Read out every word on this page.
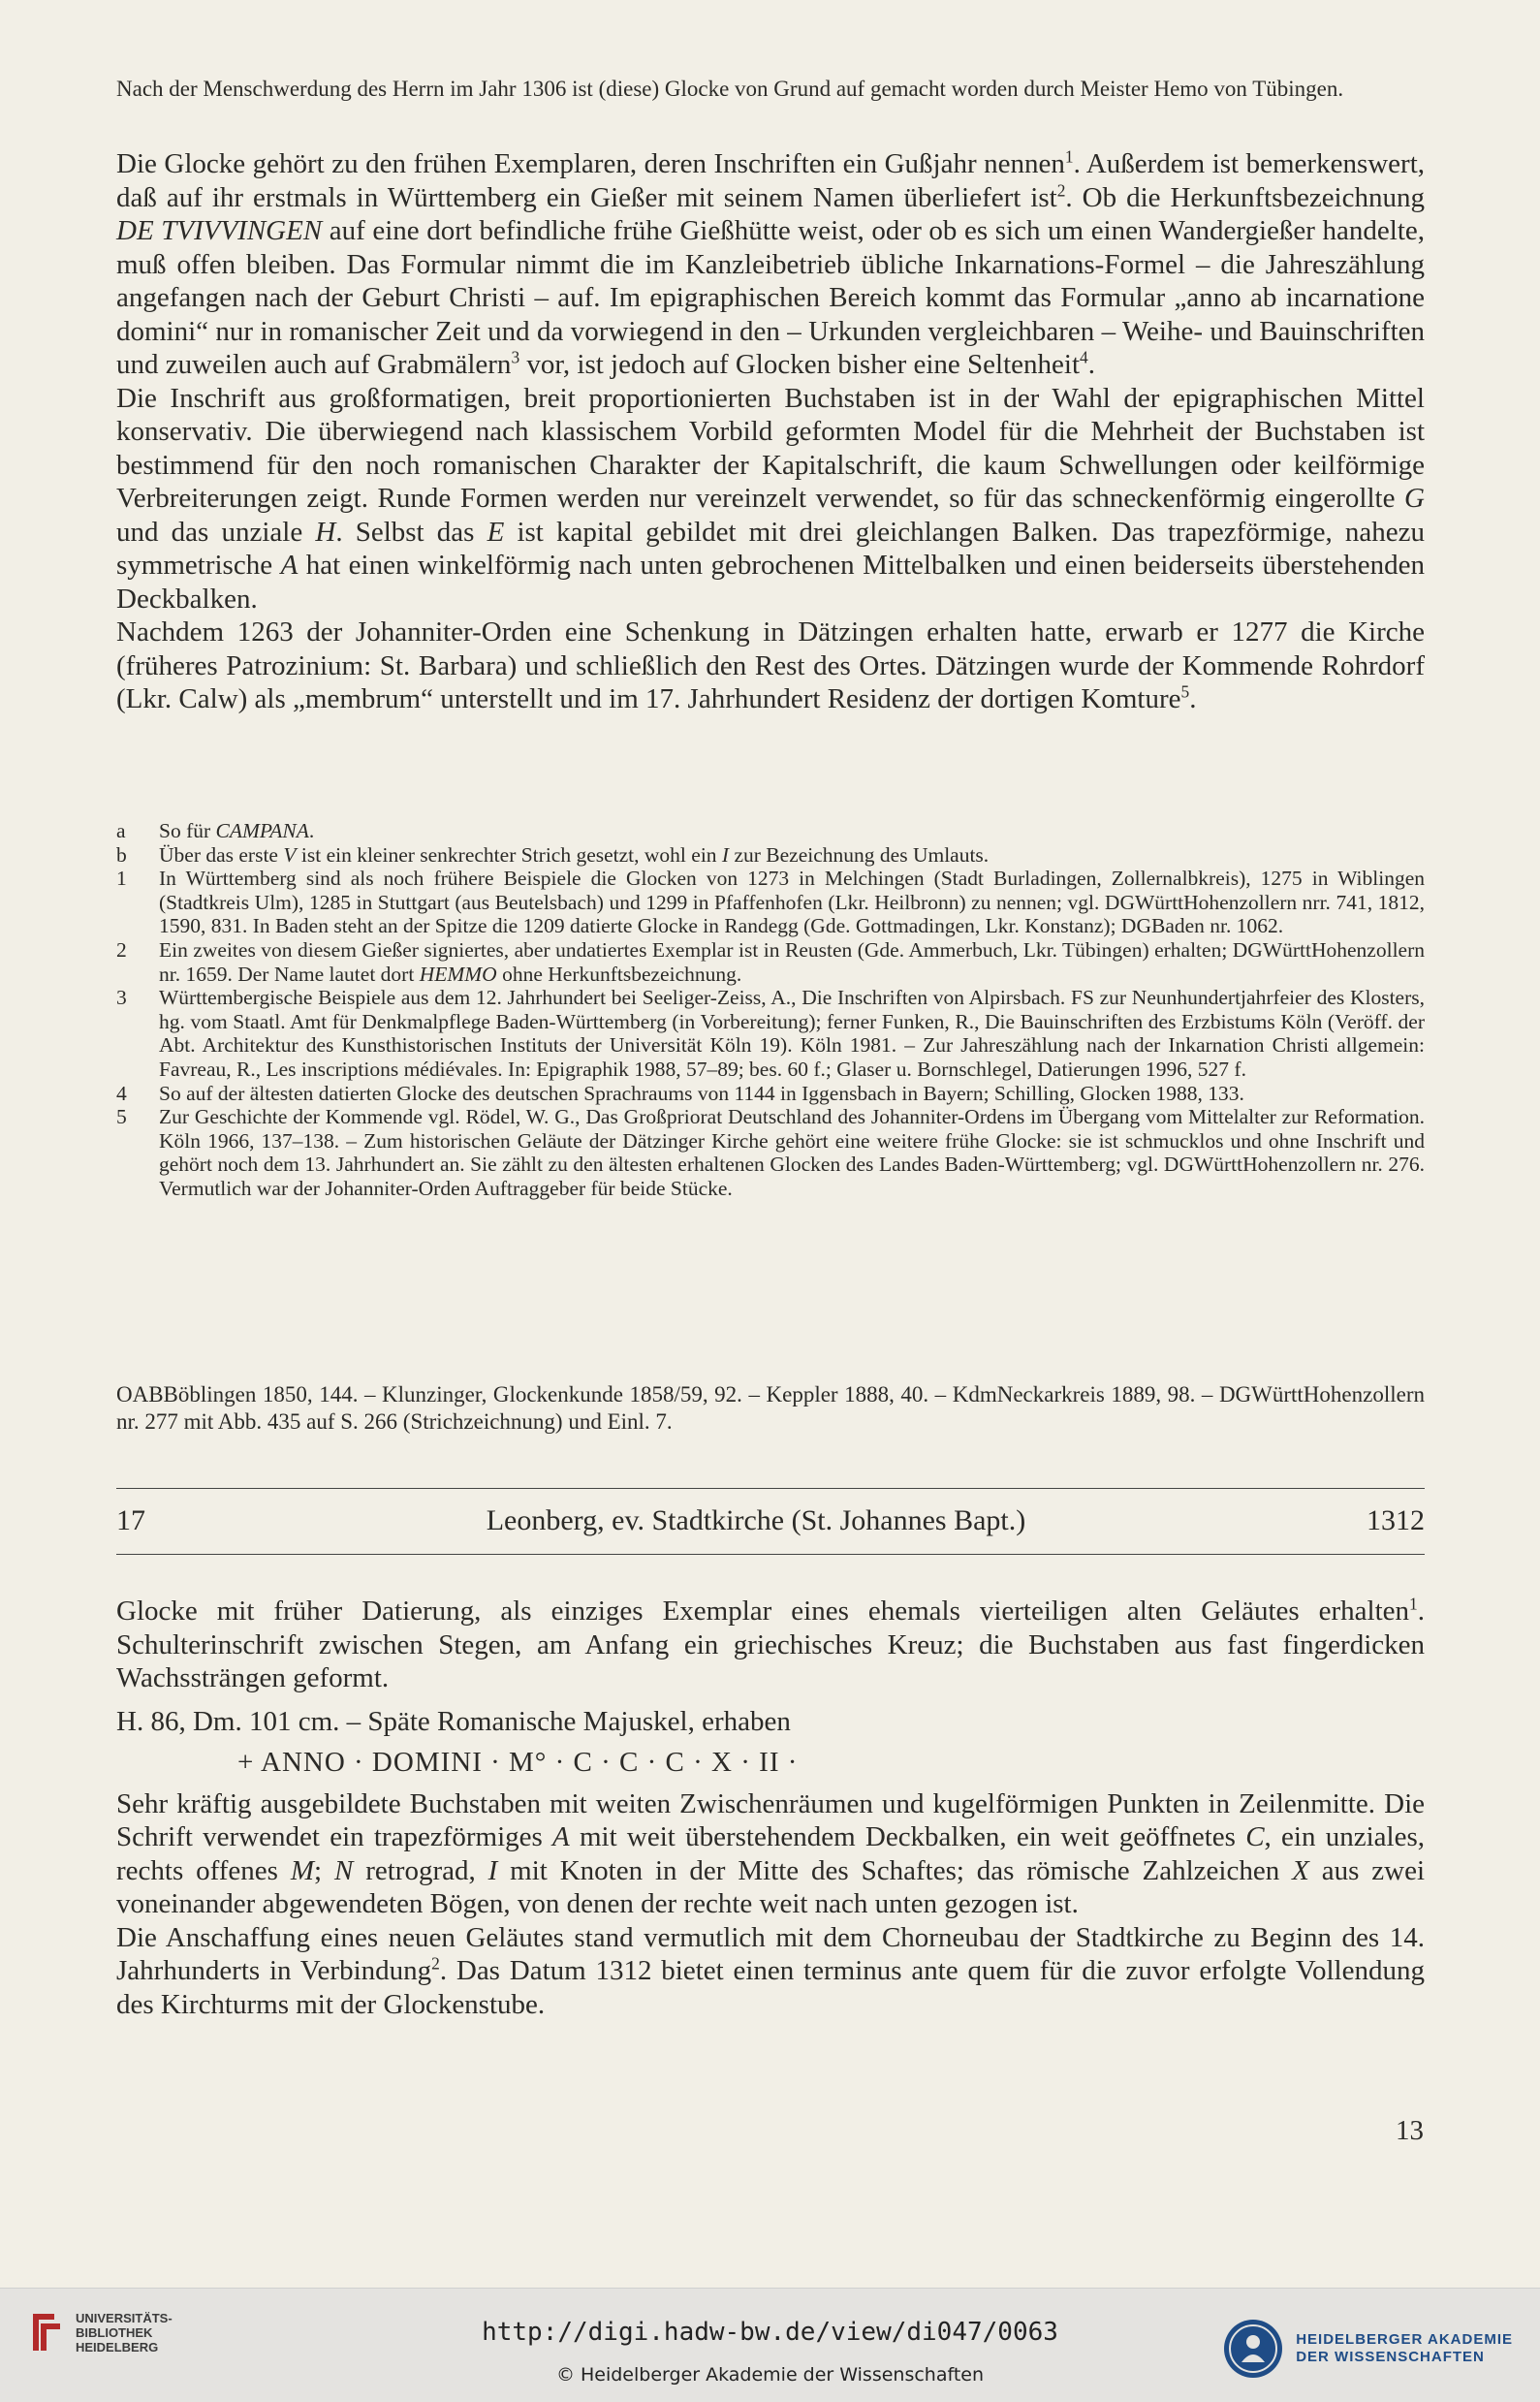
Nach der Menschwerdung des Herrn im Jahr 1306 ist (diese) Glocke von Grund auf gemacht worden durch Meister Hemo von Tübingen.

Die Glocke gehört zu den frühen Exemplaren, deren Inschriften ein Gußjahr nennen$^1$. Außerdem ist bemerkenswert, daß auf ihr erstmals in Württemberg ein Gießer mit seinem Namen überliefert ist$^2$. Ob die Herkunftsbezeichnung DE TVIVVINGEN auf eine dort befindliche frühe Gießhütte weist, oder ob es sich um einen Wandergießer handelte, muß offen bleiben. Das Formular nimmt die im Kanzleibetrieb übliche Inkarnations-Formel – die Jahreszählung angefangen nach der Geburt Christi – auf. Im epigraphischen Bereich kommt das Formular „anno ab incarnatione domini“ nur in romanischer Zeit und da vorwiegend in den – Urkunden vergleichbaren – Weihe- und Bauinschriften und zuweilen auch auf Grabmälern$^3$ vor, ist jedoch auf Glocken bisher eine Seltenheit$^4$.

Die Inschrift aus großformatigen, breit proportionierten Buchstaben ist in der Wahl der epigraphischen Mittel konservativ. Die überwiegend nach klassischem Vorbild geformten Model für die Mehrheit der Buchstaben ist bestimmend für den noch romanischen Charakter der Kapitalschrift, die kaum Schwellungen oder keilförmige Verbreiterungen zeigt. Runde Formen werden nur vereinzelt verwendet, so für das schneckenförmig eingerollte G und das unziale H. Selbst das E ist kapital gebildet mit drei gleichlangen Balken. Das trapezförmige, nahezu symmetrische A hat einen winkelförmig nach unten gebrochenen Mittelbalken und einen beiderseits überstehenden Deckbalken.

Nachdem 1263 der Johanniter-Orden eine Schenkung in Dätzingen erhalten hatte, erwarb er 1277 die Kirche (früheres Patrozinium: St. Barbara) und schließlich den Rest des Ortes. Dätzingen wurde der Kommende Rohrdorf (Lkr. Calw) als „membrum“ unterstellt und im 17. Jahrhundert Residenz der dortigen Komture$^5$.

a	So für CAMPANA.
b	Über das erste V ist ein kleiner senkrechter Strich gesetzt, wohl ein I zur Bezeichnung des Umlauts.
1	In Württemberg sind als noch frühere Beispiele die Glocken von 1273 in Melchingen (Stadt Burladingen, Zollernalbkreis), 1275 in Wiblingen (Stadtkreis Ulm), 1285 in Stuttgart (aus Beutelsbach) und 1299 in Pfaffenhofen (Lkr. Heilbronn) zu nennen; vgl. DGWürttHohenzollern nrr. 741, 1812, 1590, 831. In Baden steht an der Spitze die 1209 datierte Glocke in Randegg (Gde. Gottmadingen, Lkr. Konstanz); DGBaden nr. 1062.
2	Ein zweites von diesem Gießer signiertes, aber undatiertes Exemplar ist in Reusten (Gde. Ammerbuch, Lkr. Tübingen) erhalten; DGWürttHohenzollern nr. 1659. Der Name lautet dort HEMMO ohne Herkunftsbezeichnung.
3	Württembergische Beispiele aus dem 12. Jahrhundert bei Seeliger-Zeiss, A., Die Inschriften von Alpirsbach. FS zur Neunhundertjahrfeier des Klosters, hg. vom Staatl. Amt für Denkmalpflege Baden-Württemberg (in Vorbereitung); ferner Funken, R., Die Bauinschriften des Erzbistums Köln (Veröff. der Abt. Architektur des Kunsthistorischen Instituts der Universität Köln 19). Köln 1981. – Zur Jahreszählung nach der Inkarnation Christi allgemein: Favreau, R., Les inscriptions médiévales. In: Epigraphik 1988, 57–89; bes. 60 f.; Glaser u. Bornschlegel, Datierungen 1996, 527 f.
4	So auf der ältesten datierten Glocke des deutschen Sprachraums von 1144 in Iggensbach in Bayern; Schilling, Glocken 1988, 133.
5	Zur Geschichte der Kommende vgl. Rödel, W. G., Das Großpriorat Deutschland des Johanniter-Ordens im Übergang vom Mittelalter zur Reformation. Köln 1966, 137–138. – Zum historischen Geläute der Dätzinger Kirche gehört eine weitere frühe Glocke: sie ist schmucklos und ohne Inschrift und gehört noch dem 13. Jahrhundert an. Sie zählt zu den ältesten erhaltenen Glocken des Landes Baden-Württemberg; vgl. DGWürttHohenzollern nr. 276. Vermutlich war der Johanniter-Orden Auftraggeber für beide Stücke.

OABBöblingen 1850, 144. – Klunzinger, Glockenkunde 1858/59, 92. – Keppler 1888, 40. – KdmNeckarkreis 1889, 98. – DGWürttHohenzollern nr. 277 mit Abb. 435 auf S. 266 (Strichzeichnung) und Einl. 7.

17	Leonberg, ev. Stadtkirche (St. Johannes Bapt.)	1312

Glocke mit früher Datierung, als einziges Exemplar eines ehemals vierteiligen alten Geläutes erhalten$^1$. Schulterinschrift zwischen Stegen, am Anfang ein griechisches Kreuz; die Buchstaben aus fast fingerdicken Wachssträngen geformt.

H. 86, Dm. 101 cm. – Späte Romanische Majuskel, erhaben

+ ANNO · DOMINI · M° · C · C · C · X · II ·

Sehr kräftig ausgebildete Buchstaben mit weiten Zwischenräumen und kugelförmigen Punkten in Zeilenmitte. Die Schrift verwendet ein trapezförmiges A mit weit überstehendem Deckbalken, ein weit geöffnetes C, ein unziales, rechts offenes M; N retrograd, I mit Knoten in der Mitte des Schaftes; das römische Zahlzeichen X aus zwei voneinander abgewendeten Bögen, von denen der rechte weit nach unten gezogen ist.

Die Anschaffung eines neuen Geläutes stand vermutlich mit dem Chorneubau der Stadtkirche zu Beginn des 14. Jahrhunderts in Verbindung$^2$. Das Datum 1312 bietet einen terminus ante quem für die zuvor erfolgte Vollendung des Kirchturms mit der Glockenstube.

13
UNIVERSITÄTS-
BIBLIOTHEK
HEIDELBERG	http://digi.hadw-bw.de/view/di047/0063
© Heidelberger Akademie der Wissenschaften
HEIDELBERGER AKADEMIE
DER WISSENSCHAFTEN
